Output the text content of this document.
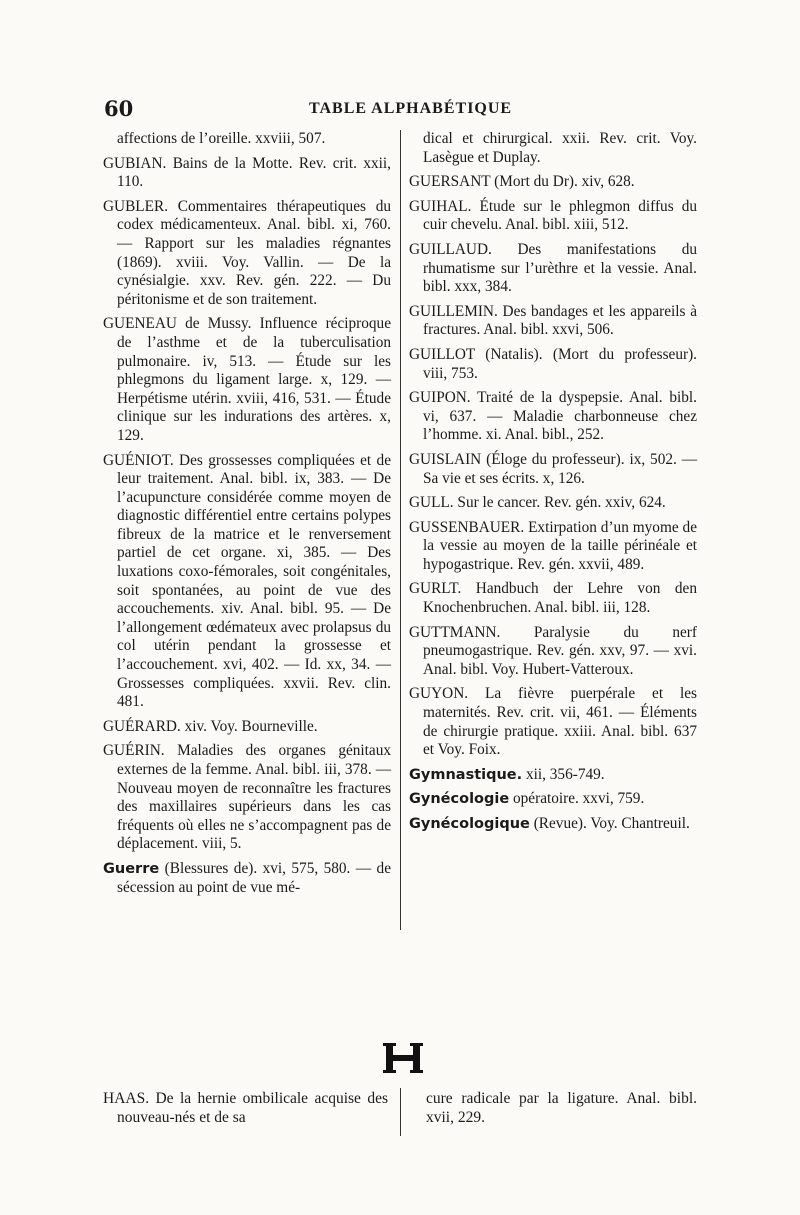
60	TABLE ALPHABÉTIQUE
affections de l’oreille. xxviii, 507.
GUBIAN. Bains de la Motte. Rev. crit. xxii, 110.
GUBLER. Commentaires thérapeutiques du codex médicamenteux. Anal. bibl. xi, 760. — Rapport sur les maladies régnantes (1869). xviii. Voy. Vallin. — De la cynésialgie. xxv. Rev. gén. 222. — Du péritonisme et de son traitement.
GUENEAU de Mussy. Influence réciproque de l’asthme et de la tuberculisation pulmonaire. iv, 513. — Étude sur les phlegmons du ligament large. x, 129. — Herpétisme utérin. xviii, 416, 531. — Étude clinique sur les indurations des artères. x, 129.
GUÉNIOT. Des grossesses compliquées et de leur traitement. Anal. bibl. ix, 383. — De l’acupuncture considérée comme moyen de diagnostic différentiel entre certains polypes fibreux de la matrice et le renversement partiel de cet organe. xi, 385. — Des luxations coxo-fémorales, soit congénitales, soit spontanées, au point de vue des accouchements. xiv. Anal. bibl. 95. — De l’allongement œdémateux avec prolapsus du col utérin pendant la grossesse et l’accouchement. xvi, 402. — Id. xx, 34. — Grossesses compliquées. xxvii. Rev. clin. 481.
GUÉRARD. xiv. Voy. Bourneville.
GUÉRIN. Maladies des organes génitaux externes de la femme. Anal. bibl. iii, 378. — Nouveau moyen de reconnaître les fractures des maxillaires supérieurs dans les cas fréquents où elles ne s’accompagnent pas de déplacement. viii, 5.
Guerre (Blessures de). xvi, 575, 580. — de sécession au point de vue mé-
dical et chirurgical. xxii. Rev. crit. Voy. Lasègue et Duplay.
GUERSANT (Mort du Dr). xiv, 628.
GUIHAL. Étude sur le phlegmon diffus du cuir chevelu. Anal. bibl. xiii, 512.
GUILLAUD. Des manifestations du rhumatisme sur l’urèthre et la vessie. Anal. bibl. xxx, 384.
GUILLEMIN. Des bandages et les appareils à fractures. Anal. bibl. xxvi, 506.
GUILLOT (Natalis). (Mort du professeur). viii, 753.
GUIPON. Traité de la dyspepsie. Anal. bibl. vi, 637. — Maladie charbonneuse chez l’homme. xi. Anal. bibl., 252.
GUISLAIN (Éloge du professeur). ix, 502. — Sa vie et ses écrits. x, 126.
GULL. Sur le cancer. Rev. gén. xxiv, 624.
GUSSENBAUER. Extirpation d’un myome de la vessie au moyen de la taille périnéale et hypogastrique. Rev. gén. xxvii, 489.
GURLT. Handbuch der Lehre von den Knochenbruchen. Anal. bibl. iii, 128.
GUTTMANN. Paralysie du nerf pneumogastrique. Rev. gén. xxv, 97. — xvi. Anal. bibl. Voy. Hubert-Vatteroux.
GUYON. La fièvre puerpérale et les maternités. Rev. crit. vii, 461. — Éléments de chirurgie pratique. xxiii. Anal. bibl. 637 et Voy. Foix.
Gymnastique. xii, 356-749.
Gynécologie opératoire. xxvi, 759.
Gynécologique (Revue). Voy. Chantreuil.
HAAS. De la hernie ombilicale acquise des nouveau-nés et de sa
cure radicale par la ligature. Anal. bibl. xvii, 229.
